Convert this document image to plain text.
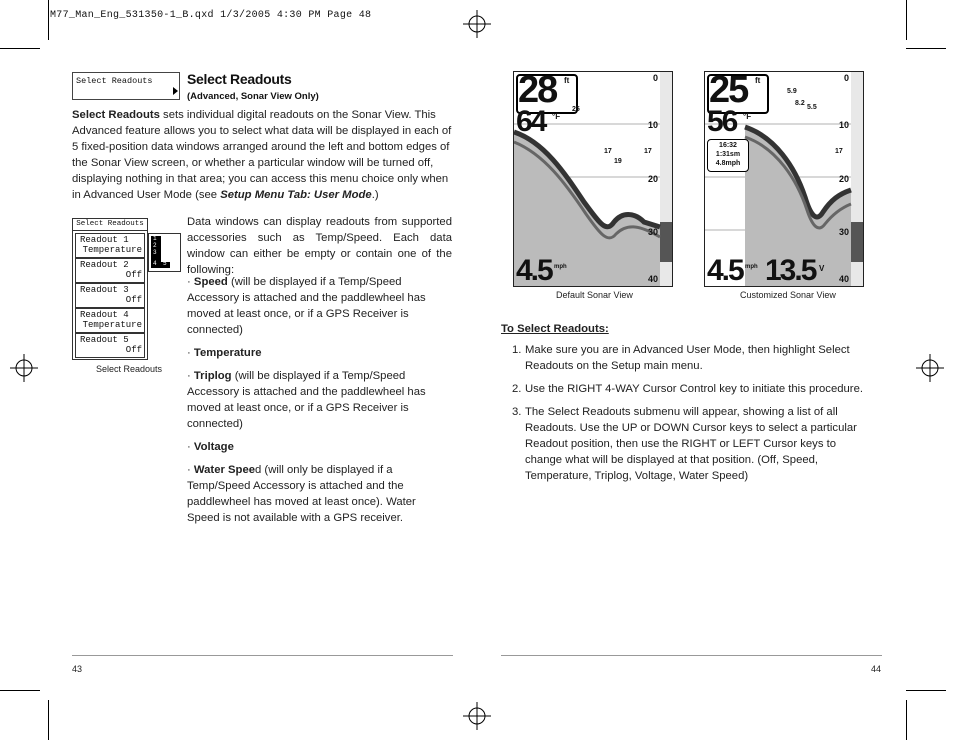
M77_Man_Eng_531350-1_B.qxd 1/3/2005 4:30 PM Page 48
Select Readouts Select Readouts
(Advanced, Sonar View Only)
Select Readouts sets individual digital readouts on the Sonar View. This Advanced feature allows you to select what data will be displayed in each of 5 fixed-position data windows arranged around the left and bottom edges of the Sonar View screen, or whether a particular window will be turned off, displaying nothing in that area; you can access this menu choice only when in Advanced User Mode (see Setup Menu Tab: User Mode.)
Select Readouts
Readout 1
Temperature
Readout 2
Off
Readout 3
Off
Readout 4
Temperature
Readout 5
Off
1
2
3
4 5
Select Readouts
Data windows can display readouts from supported accessories such as Temp/Speed. Each data window can either be empty or contain one of the following:

· Speed (will be displayed if a Temp/Speed Accessory is attached and the paddlewheel has moved at least once, or if a GPS Receiver is connected)

· Temperature

· Triplog (will be displayed if a Temp/Speed Accessory is attached and the paddlewheel has moved at least once, or if a GPS Receiver is connected)

· Voltage

· Water Speed (will only be displayed if a Temp/Speed Accessory is attached and the paddlewheel has moved at least once). Water Speed is not available with a GPS receiver.

43
28 ft
64 °F
4.5 mph
0
10
20
30
40
25
17
19
17
Default Sonar View
25 ft
56 °F
16:32
1:31sm
4.8mph
4.5 mph 13.5 V
0
10
20
30
40
5.9
8.2
5.5
17
Customized Sonar View
To Select Readouts:
1. Make sure you are in Advanced User Mode, then highlight Select Readouts on the Setup main menu.
2. Use the RIGHT 4-WAY Cursor Control key to initiate this procedure.
3. The Select Readouts submenu will appear, showing a list of all Readouts. Use the UP or DOWN Cursor keys to select a particular Readout position, then use the RIGHT or LEFT Cursor keys to change what will be displayed at that position. (Off, Speed, Temperature, Triplog, Voltage, Water Speed)
44
